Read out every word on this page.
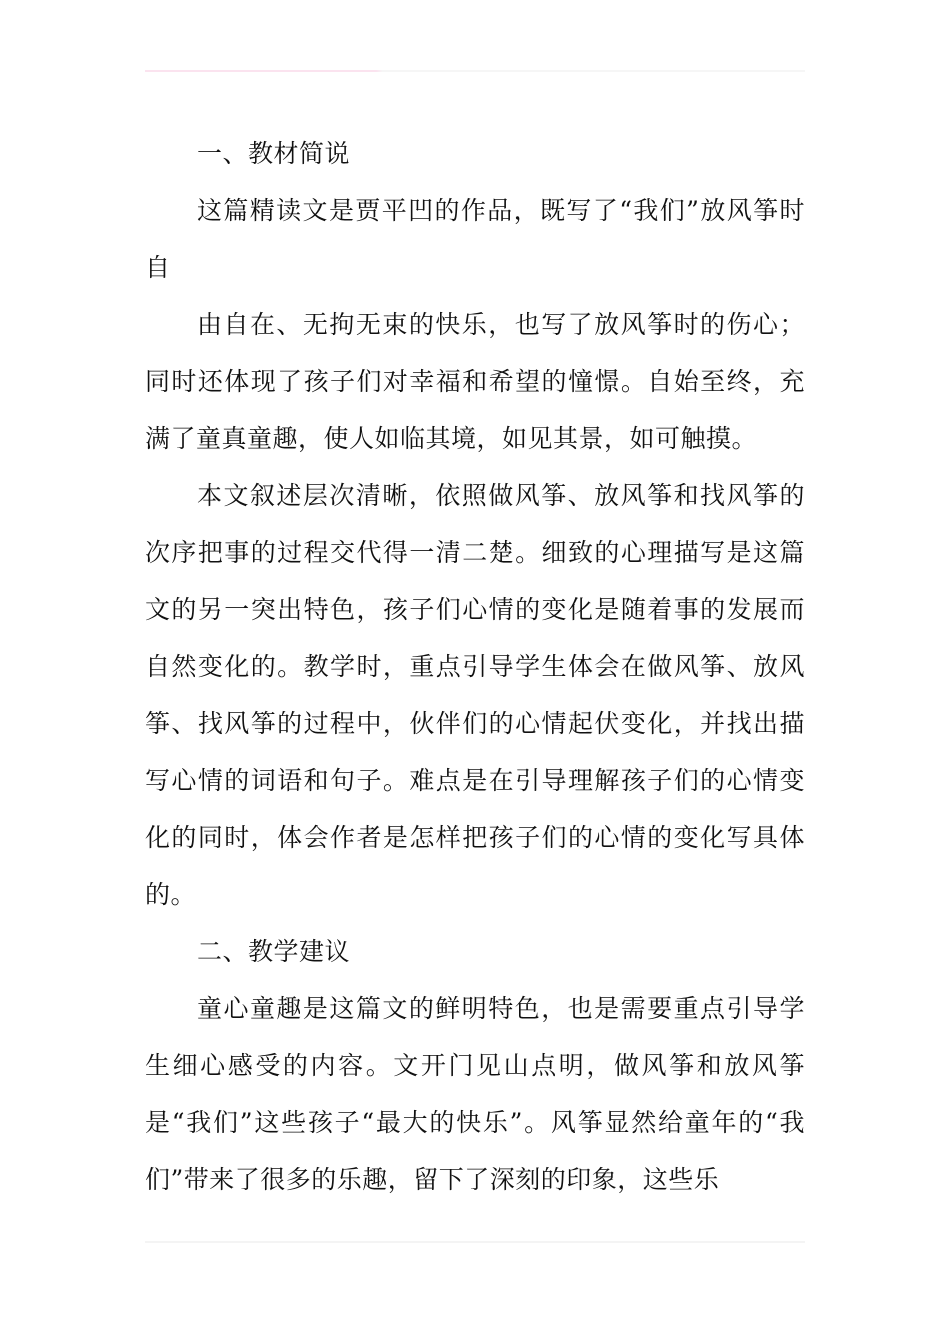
一、教材简说

这篇精读文是贾平凹的作品，既写了“我们”放风筝时自

由自在、无拘无束的快乐，也写了放风筝时的伤心；同时还体现了孩子们对幸福和希望的憧憬。自始至终，充满了童真童趣，使人如临其境，如见其景，如可触摸。

本文叙述层次清晰，依照做风筝、放风筝和找风筝的次序把事的过程交代得一清二楚。细致的心理描写是这篇文的另一突出特色，孩子们心情的变化是随着事的发展而自然变化的。教学时，重点引导学生体会在做风筝、放风筝、找风筝的过程中，伙伴们的心情起伏变化，并找出描写心情的词语和句子。难点是在引导理解孩子们的心情变化的同时，体会作者是怎样把孩子们的心情的变化写具体的。

二、教学建议

童心童趣是这篇文的鲜明特色，也是需要重点引导学生细心感受的内容。文开门见山点明，做风筝和放风筝是“我们”这些孩子“最大的快乐”。风筝显然给童年的“我们”带来了很多的乐趣，留下了深刻的印象，这些乐
